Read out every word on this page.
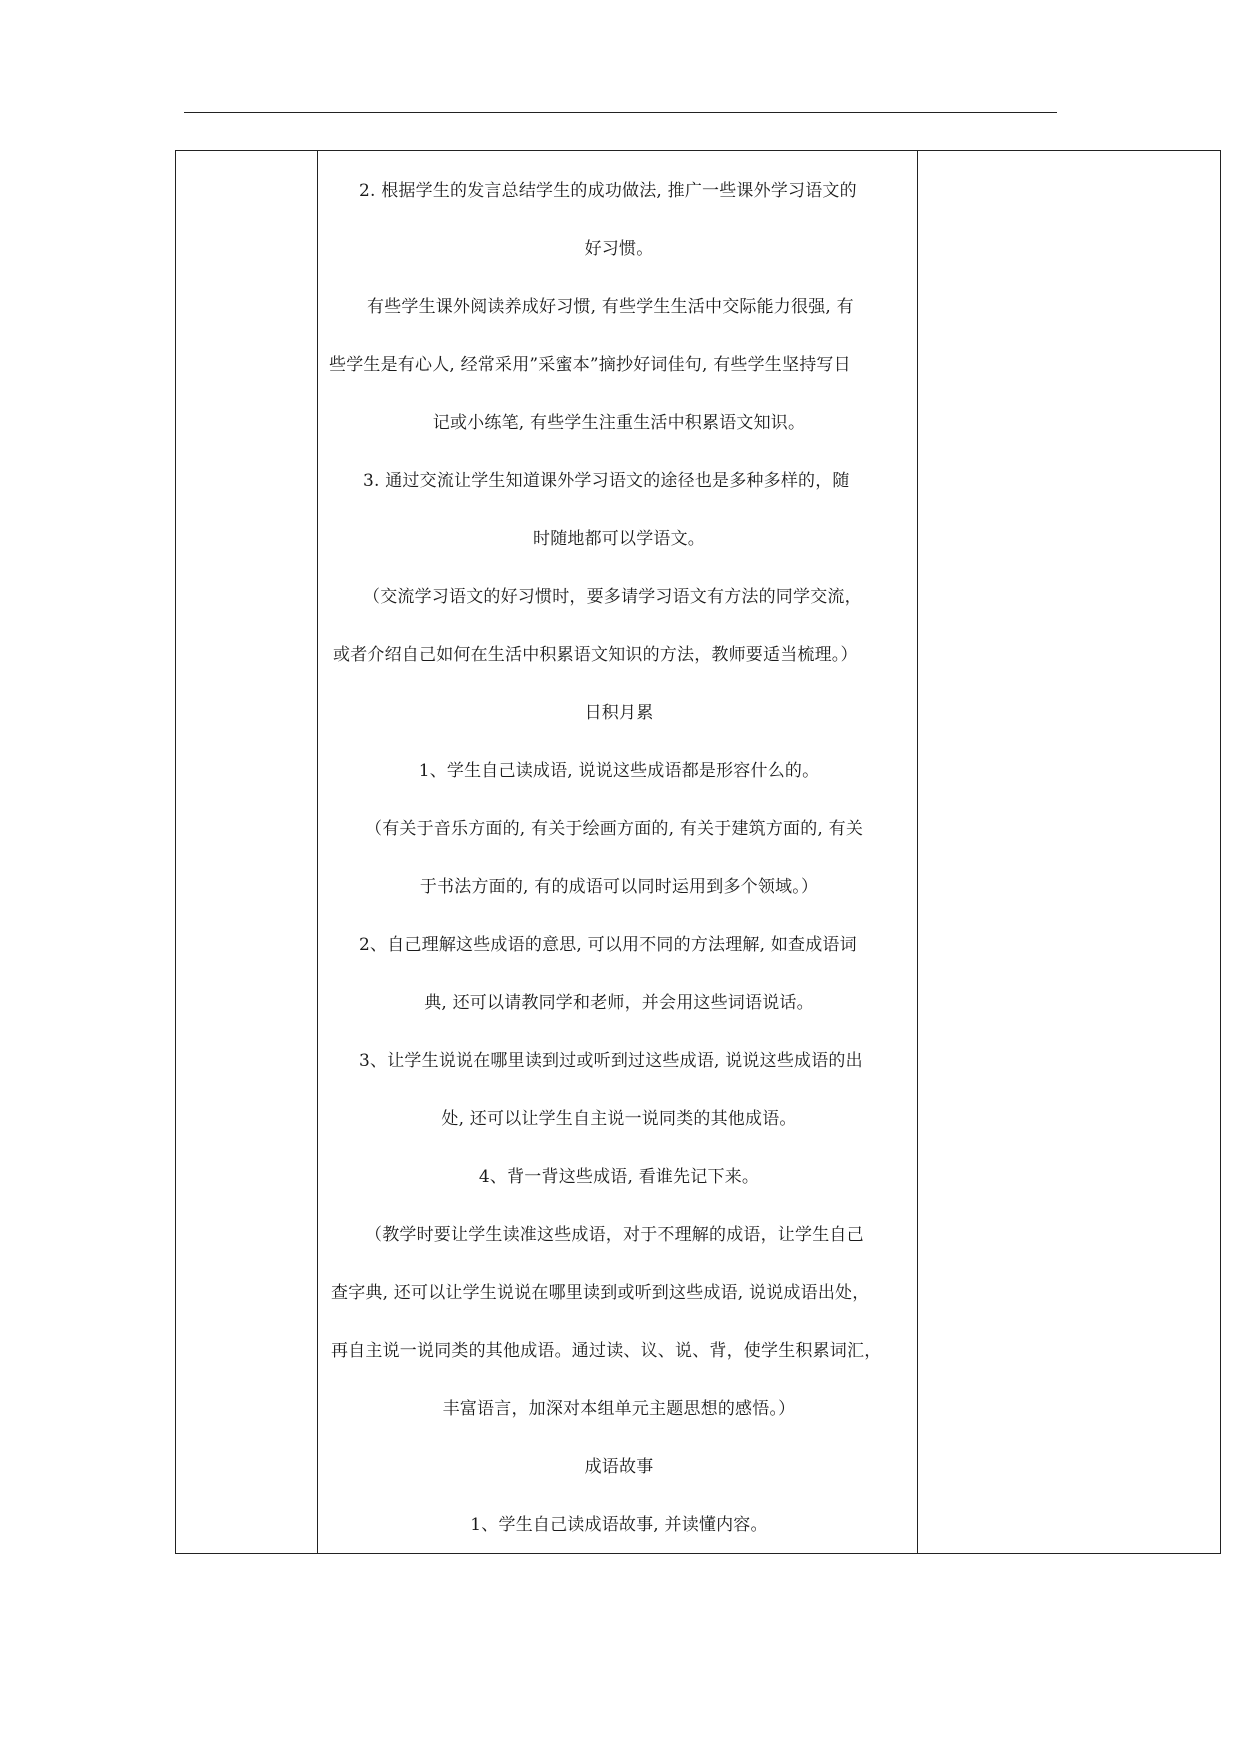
2. 根据学生的发言总结学生的成功做法, 推广一些课外学习语文的
好习惯。
有些学生课外阅读养成好习惯, 有些学生生活中交际能力很强, 有
些学生是有心人, 经常采用”采蜜本”摘抄好词佳句, 有些学生坚持写日
记或小练笔, 有些学生注重生活中积累语文知识。
3. 通过交流让学生知道课外学习语文的途径也是多种多样的，随
时随地都可以学语文。
（交流学习语文的好习惯时，要多请学习语文有方法的同学交流，
或者介绍自己如何在生活中积累语文知识的方法，教师要适当梳理。）
日积月累
1、学生自己读成语, 说说这些成语都是形容什么的。
（有关于音乐方面的, 有关于绘画方面的, 有关于建筑方面的, 有关
于书法方面的, 有的成语可以同时运用到多个领域。）
2、自己理解这些成语的意思, 可以用不同的方法理解, 如查成语词
典, 还可以请教同学和老师，并会用这些词语说话。
3、让学生说说在哪里读到过或听到过这些成语, 说说这些成语的出
处, 还可以让学生自主说一说同类的其他成语。
4、背一背这些成语, 看谁先记下来。
（教学时要让学生读准这些成语，对于不理解的成语，让学生自己
查字典, 还可以让学生说说在哪里读到或听到这些成语, 说说成语出处，
再自主说一说同类的其他成语。通过读、议、说、背，使学生积累词汇，
丰富语言，加深对本组单元主题思想的感悟。）
成语故事
1、学生自己读成语故事, 并读懂内容。
